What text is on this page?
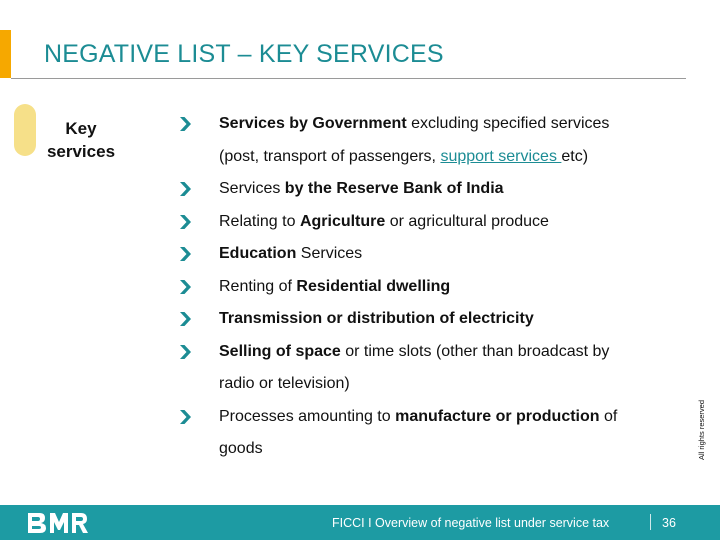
NEGATIVE LIST – KEY SERVICES
Key
services
Services by Government excluding specified services
(post, transport of passengers, support services etc)
Services by the Reserve Bank of India
Relating to Agriculture or agricultural produce
Education Services
Renting of Residential dwelling
Transmission or distribution of electricity
Selling of space or time slots (other than broadcast by
radio or television)
Processes amounting to manufacture or production of
goods	All rights reserved
FICCI I Overview of negative list under service tax	36
